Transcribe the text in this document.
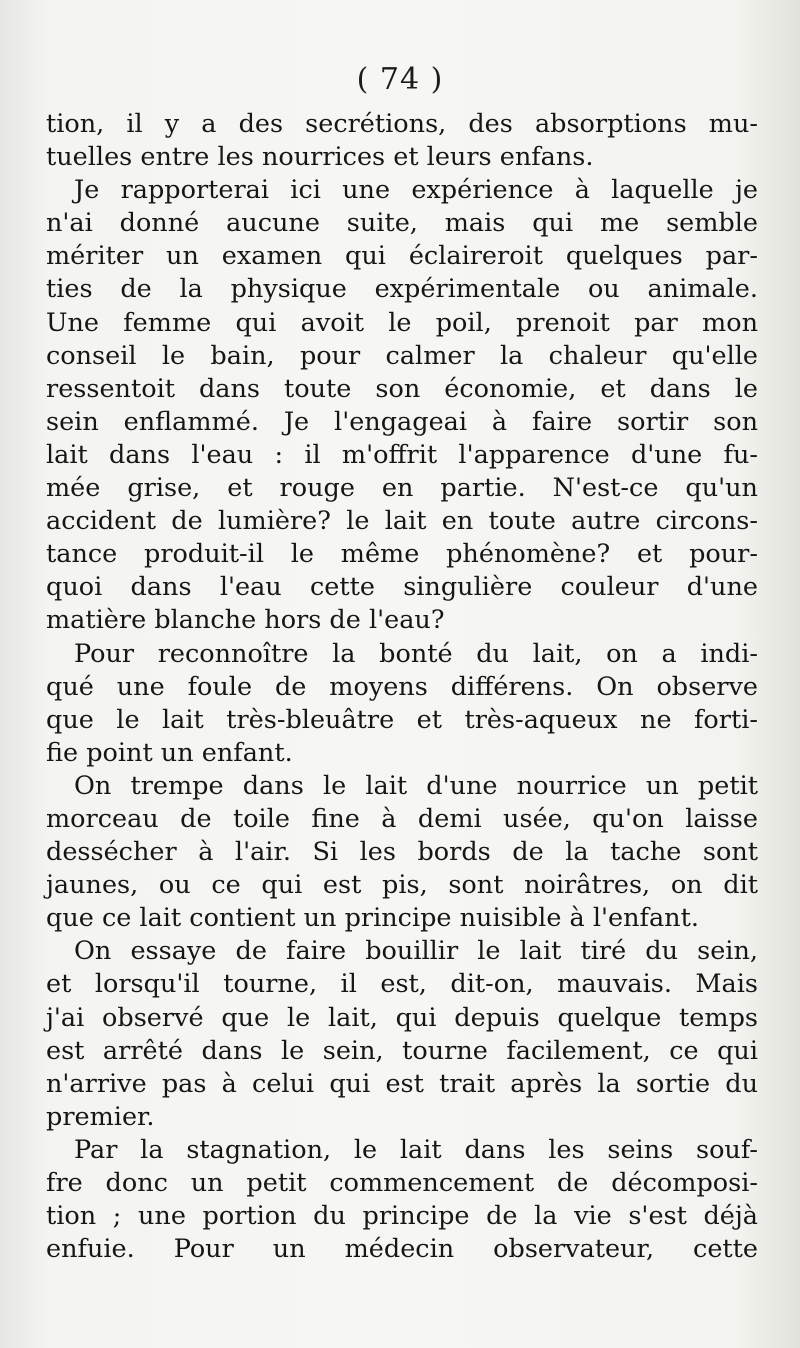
( 74 )
tion, il y a des secrétions, des absorptions mu-
tuelles entre les nourrices et leurs enfans.
Je rapporterai ici une expérience à laquelle je
n'ai donné aucune suite, mais qui me semble
mériter un examen qui éclaireroit quelques par-
ties de la physique expérimentale ou animale.
Une femme qui avoit le poil, prenoit par mon
conseil le bain, pour calmer la chaleur qu'elle
ressentoit dans toute son économie, et dans le
sein enflammé. Je l'engageai à faire sortir son
lait dans l'eau : il m'offrit l'apparence d'une fu-
mée grise, et rouge en partie. N'est-ce qu'un
accident de lumière? le lait en toute autre circons-
tance produit-il le même phénomène? et pour-
quoi dans l'eau cette singulière couleur d'une
matière blanche hors de l'eau?
Pour reconnoître la bonté du lait, on a indi-
qué une foule de moyens différens. On observe
que le lait très-bleuâtre et très-aqueux ne forti-
fie point un enfant.
On trempe dans le lait d'une nourrice un petit
morceau de toile fine à demi usée, qu'on laisse
dessécher à l'air. Si les bords de la tache sont
jaunes, ou ce qui est pis, sont noirâtres, on dit
que ce lait contient un principe nuisible à l'enfant.
On essaye de faire bouillir le lait tiré du sein,
et lorsqu'il tourne, il est, dit-on, mauvais. Mais
j'ai observé que le lait, qui depuis quelque temps
est arrêté dans le sein, tourne facilement, ce qui
n'arrive pas à celui qui est trait après la sortie du
premier.
Par la stagnation, le lait dans les seins souf-
fre donc un petit commencement de décomposi-
tion ; une portion du principe de la vie s'est déjà
enfuie. Pour un médecin observateur, cette
